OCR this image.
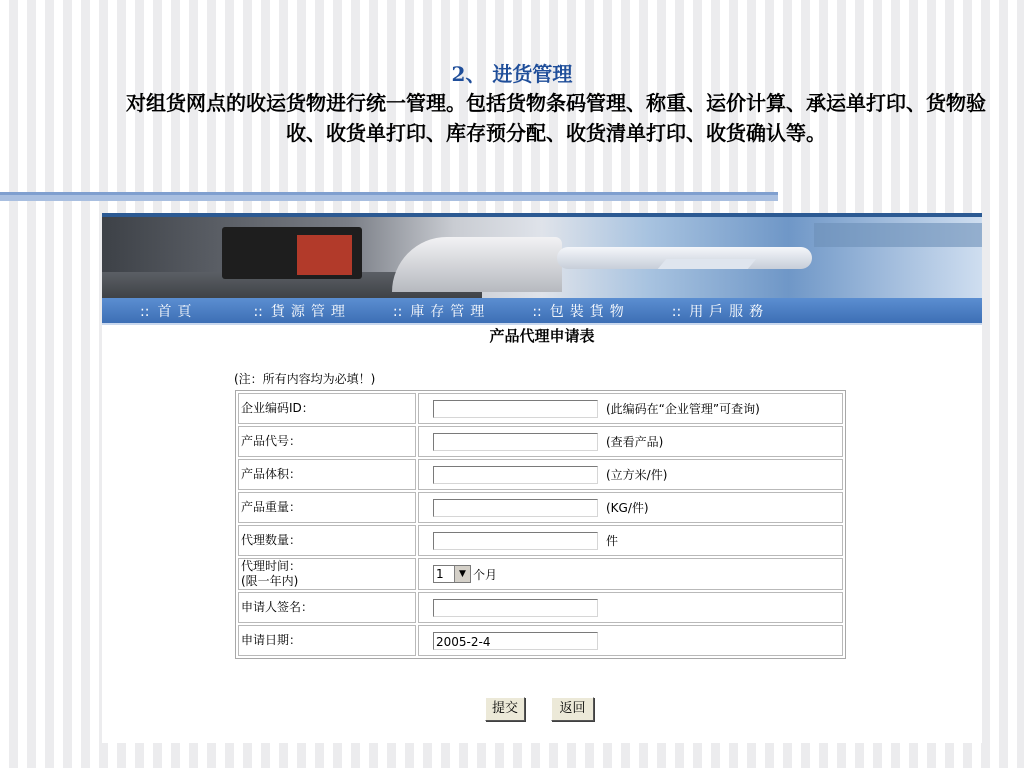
2、 进货管理
对组货网点的收运货物进行统一管理。包括货物条码管理、称重、运价计算、承运单打印、货物验收、收货单打印、库存预分配、收货清单打印、收货确认等。
:: 首頁	:: 貨源管理	:: 庫存管理	:: 包裝貨物	:: 用戶服務
产品代理申请表
(注：所有内容均为必填！)
企业编码ID：	(此编码在“企业管理”可查询)
产品代号：	(查看产品)
产品体积：	(立方米/件)
产品重量：	(KG/件)
代理数量：	件
代理时间：
(限一年内)	1 ▼ 个月
申请人签名：	
申请日期：	2005-2-4
提交	返回
